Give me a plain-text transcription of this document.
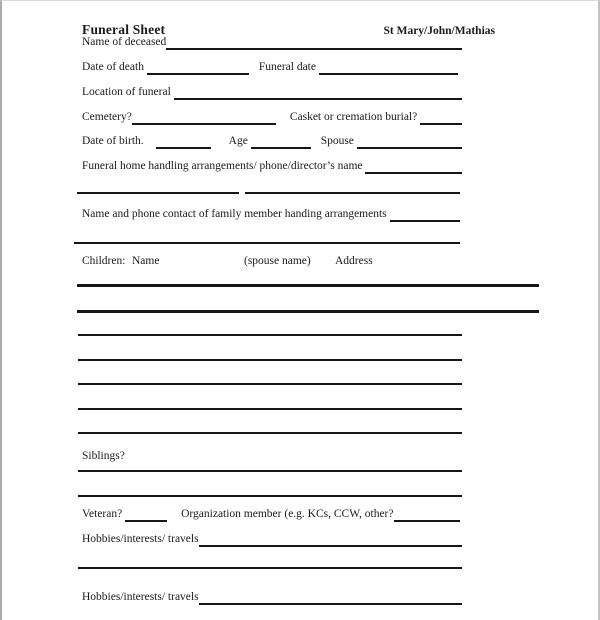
Funeral Sheet	St Mary/John/Mathias
Name of deceased
Date of death	Funeral date
Location of funeral
Cemetery?	Casket or cremation burial?
Date of birth.	Age	Spouse
Funeral home handling arrangements/ phone/director’s name
Name and phone contact of family member handing arrangements
Children: Name	(spouse name) Address
Siblings?
Veteran?	Organization member (e.g. KCs, CCW, other?
Hobbies/interests/ travels
Hobbies/interests/ travels
